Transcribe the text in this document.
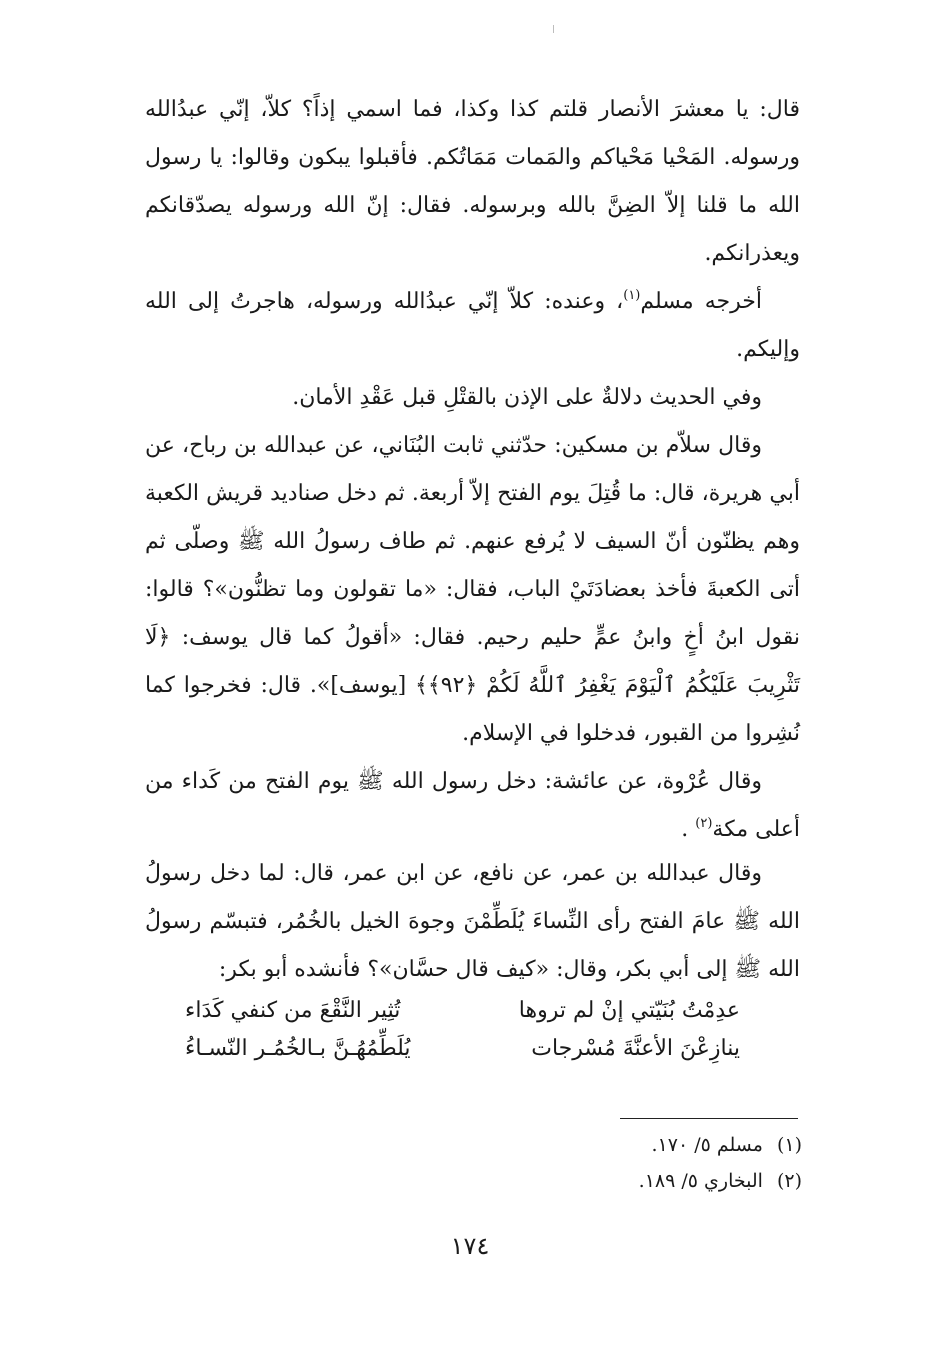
قال: يا معشرَ الأنصار قلتم كذا وكذا، فما اسمي إذاً؟ كلاّ، إنّي عبدُالله ورسوله. المَحْيا مَحْياكم والمَمات مَمَاتُكم. فأقبلوا يبكون وقالوا: يا رسول الله ما قلنا إلاّ الضِنَّ بالله وبرسوله. فقال: إنّ الله ورسوله يصدّقانكم ويعذرانكم.

أخرجه مسلم$^{(١)}$، وعنده: كلاّ إنّي عبدُالله ورسوله، هاجرتُ إلى الله وإليكم.

وفي الحديث دلالةٌ على الإذن بالقتْلِ قبل عَقْدِ الأمان.

وقال سلاّم بن مسكين: حدّثني ثابت البُنَاني، عن عبدالله بن رباح، عن أبي هريرة، قال: ما قُتِلَ يوم الفتح إلاّ أربعة. ثم دخل صناديد قريش الكعبة وهم يظنّون أنّ السيف لا يُرفع عنهم. ثم طاف رسولُ الله ﷺ وصلّى ثم أتى الكعبةَ فأخذ بعضادَتَيْ الباب، فقال: «ما تقولون وما تظنُّون»؟ قالوا: نقول ابنُ أخٍ وابنُ عمٍّ حليم رحيم. فقال: «أقولُ كما قال يوسف: ﴿لَا تَثْرِيبَ عَلَيْكُمُ ٱلْيَوْمَ يَغْفِرُ ٱللَّهُ لَكُمْ ﴿٩٢﴾﴾ [يوسف]». قال: فخرجوا كما نُشِروا من القبور، فدخلوا في الإسلام.

وقال عُرْوة، عن عائشة: دخل رسول الله ﷺ يوم الفتح من كَداء من أعلى مكة$^{(٢)}$ .

وقال عبدالله بن عمر، عن نافع، عن ابن عمر، قال: لما دخل رسولُ الله ﷺ عامَ الفتح رأى النِّساءَ يُلَطِّمْنَ وجوهَ الخيل بالخُمُر، فتبسّم رسولُ الله ﷺ إلى أبي بكر، وقال: «كيف قال حسَّان»؟ فأنشده أبو بكر:

عدِمْتُ بُنَيّتي إنْ لم تروها
تُثِير النَّقْعَ من كنفي كَدَاء
ينازِعْنَ الأعنَّةَ مُسْرجات
يُلَطِّمُهُـنَّ بـالخُمُـر النّسـاءُ
(١)مسلم ٥/ ١٧٠.
(٢)البخاري ٥/ ١٨٩.
١٧٤
